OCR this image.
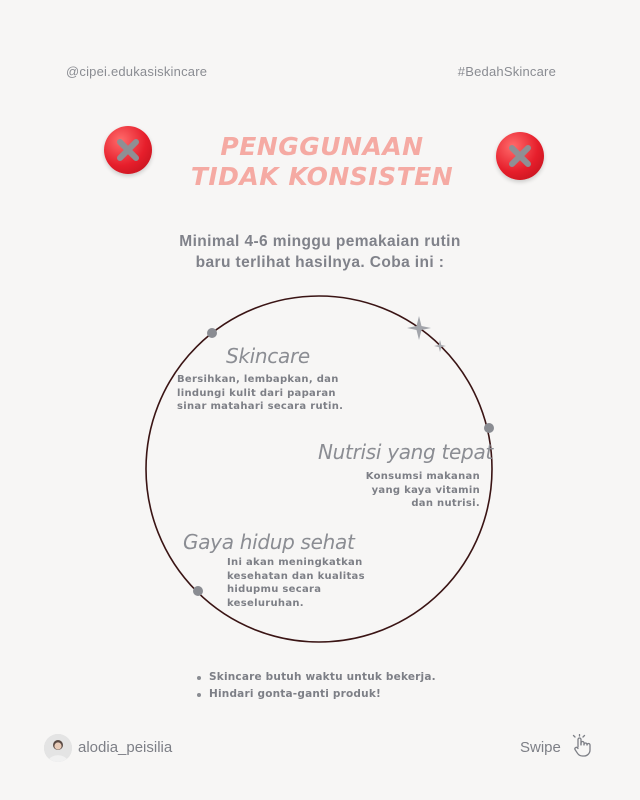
@cipei.edukasiskincare	#BedahSkincare
PENGGUNAAN
TIDAK KONSISTEN
Minimal 4-6 minggu pemakaian rutin
baru terlihat hasilnya. Coba ini :
Skincare
Bersihkan, lembapkan, dan
lindungi kulit dari paparan
sinar matahari secara rutin.
Nutrisi yang tepat
Konsumsi makanan
yang kaya vitamin
dan nutrisi.
Gaya hidup sehat
Ini akan meningkatkan
kesehatan dan kualitas
hidupmu secara
keseluruhan.
Skincare butuh waktu untuk bekerja.
Hindari gonta-ganti produk!
alodia_peisilia	Swipe
